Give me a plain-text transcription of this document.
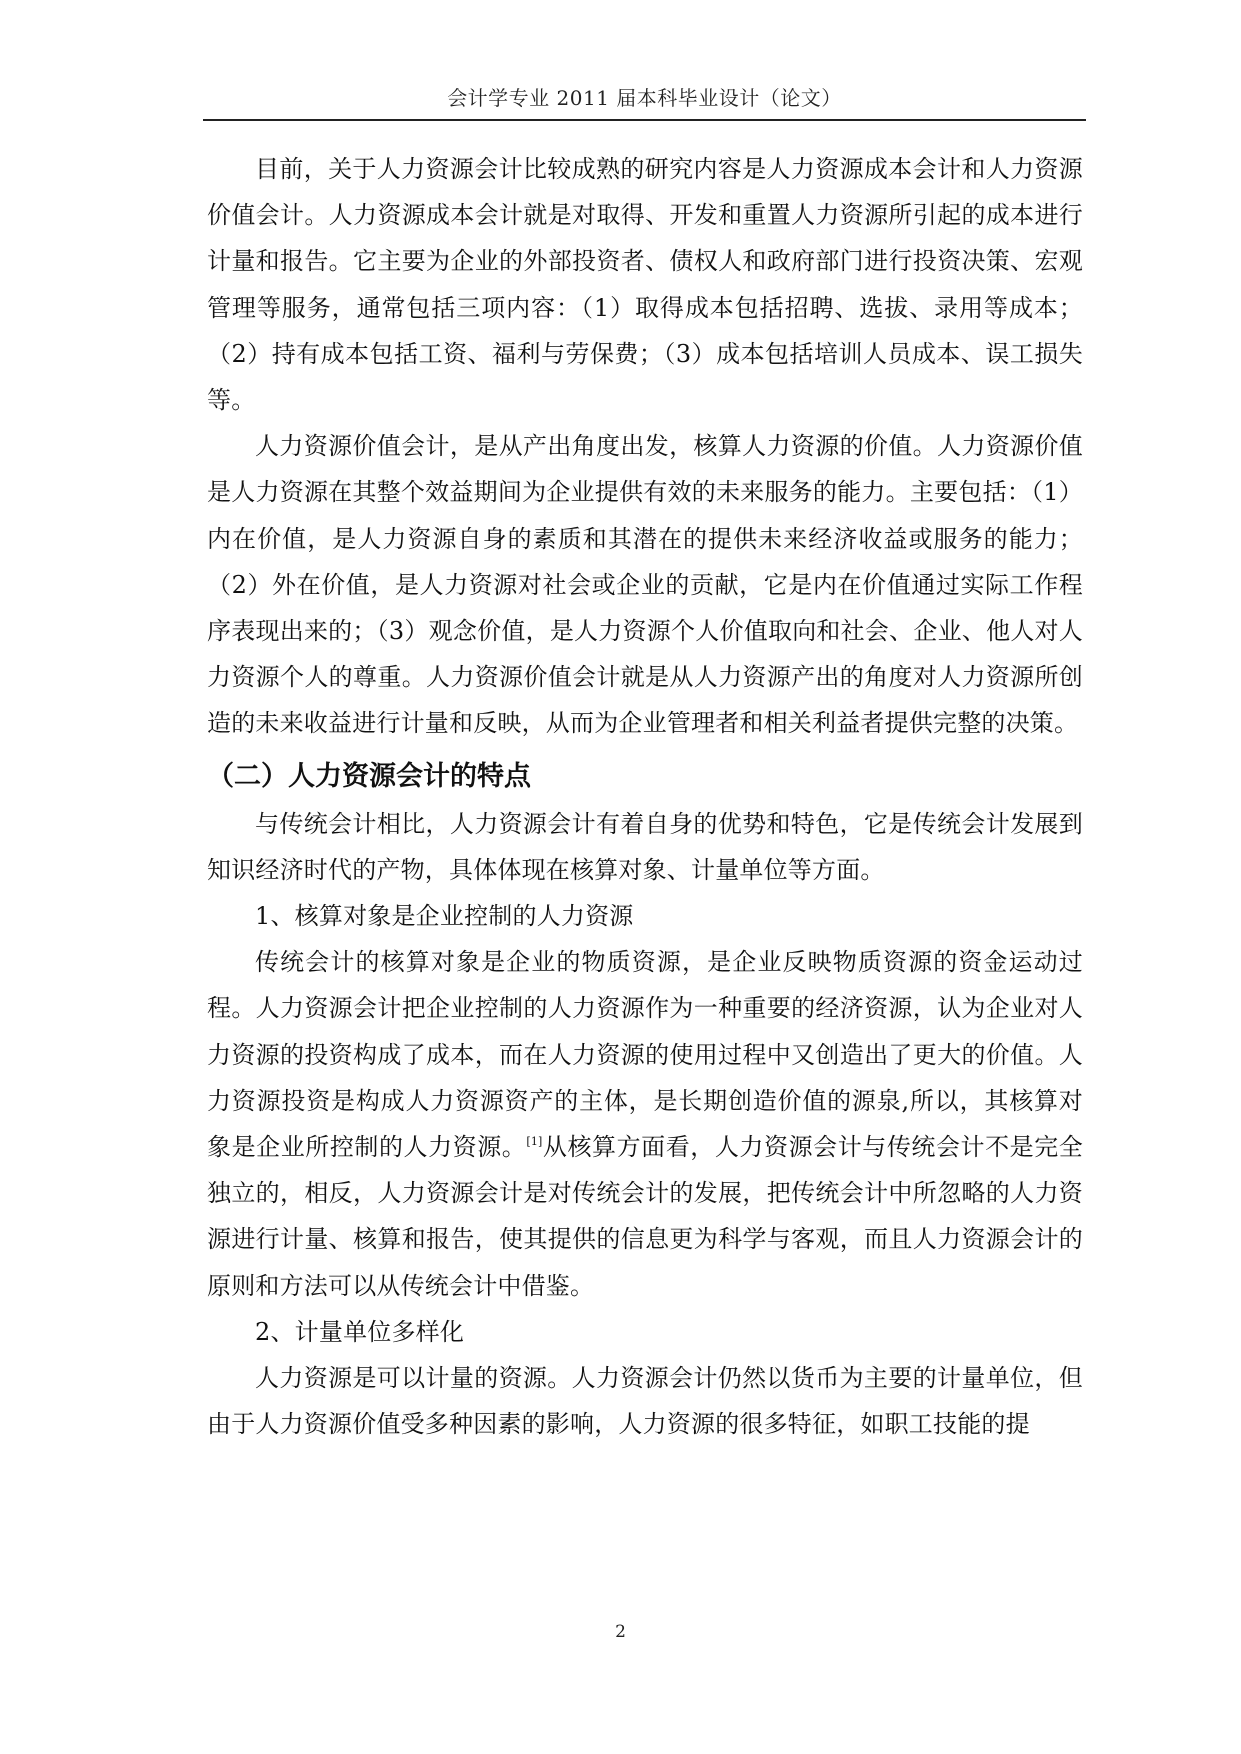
会计学专业 2011 届本科毕业设计（论文）

目前，关于人力资源会计比较成熟的研究内容是人力资源成本会计和人力资源价值会计。人力资源成本会计就是对取得、开发和重置人力资源所引起的成本进行计量和报告。它主要为企业的外部投资者、债权人和政府部门进行投资决策、宏观管理等服务，通常包括三项内容：（1）取得成本包括招聘、选拔、录用等成本；（2）持有成本包括工资、福利与劳保费；（3）成本包括培训人员成本、误工损失等。

人力资源价值会计，是从产出角度出发，核算人力资源的价值。人力资源价值是人力资源在其整个效益期间为企业提供有效的未来服务的能力。主要包括：（1）内在价值，是人力资源自身的素质和其潜在的提供未来经济收益或服务的能力；（2）外在价值，是人力资源对社会或企业的贡献，它是内在价值通过实际工作程序表现出来的；（3）观念价值，是人力资源个人价值取向和社会、企业、他人对人力资源个人的尊重。人力资源价值会计就是从人力资源产出的角度对人力资源所创造的未来收益进行计量和反映，从而为企业管理者和相关利益者提供完整的决策。

（二）人力资源会计的特点

与传统会计相比，人力资源会计有着自身的优势和特色，它是传统会计发展到知识经济时代的产物，具体体现在核算对象、计量单位等方面。

1、核算对象是企业控制的人力资源

传统会计的核算对象是企业的物质资源，是企业反映物质资源的资金运动过程。人力资源会计把企业控制的人力资源作为一种重要的经济资源，认为企业对人力资源的投资构成了成本，而在人力资源的使用过程中又创造出了更大的价值。人力资源投资是构成人力资源资产的主体，是长期创造价值的源泉,所以，其核算对象是企业所控制的人力资源。[1]从核算方面看，人力资源会计与传统会计不是完全独立的，相反，人力资源会计是对传统会计的发展，把传统会计中所忽略的人力资源进行计量、核算和报告，使其提供的信息更为科学与客观，而且人力资源会计的原则和方法可以从传统会计中借鉴。

2、计量单位多样化

人力资源是可以计量的资源。人力资源会计仍然以货币为主要的计量单位，但由于人力资源价值受多种因素的影响，人力资源的很多特征，如职工技能的提

2
